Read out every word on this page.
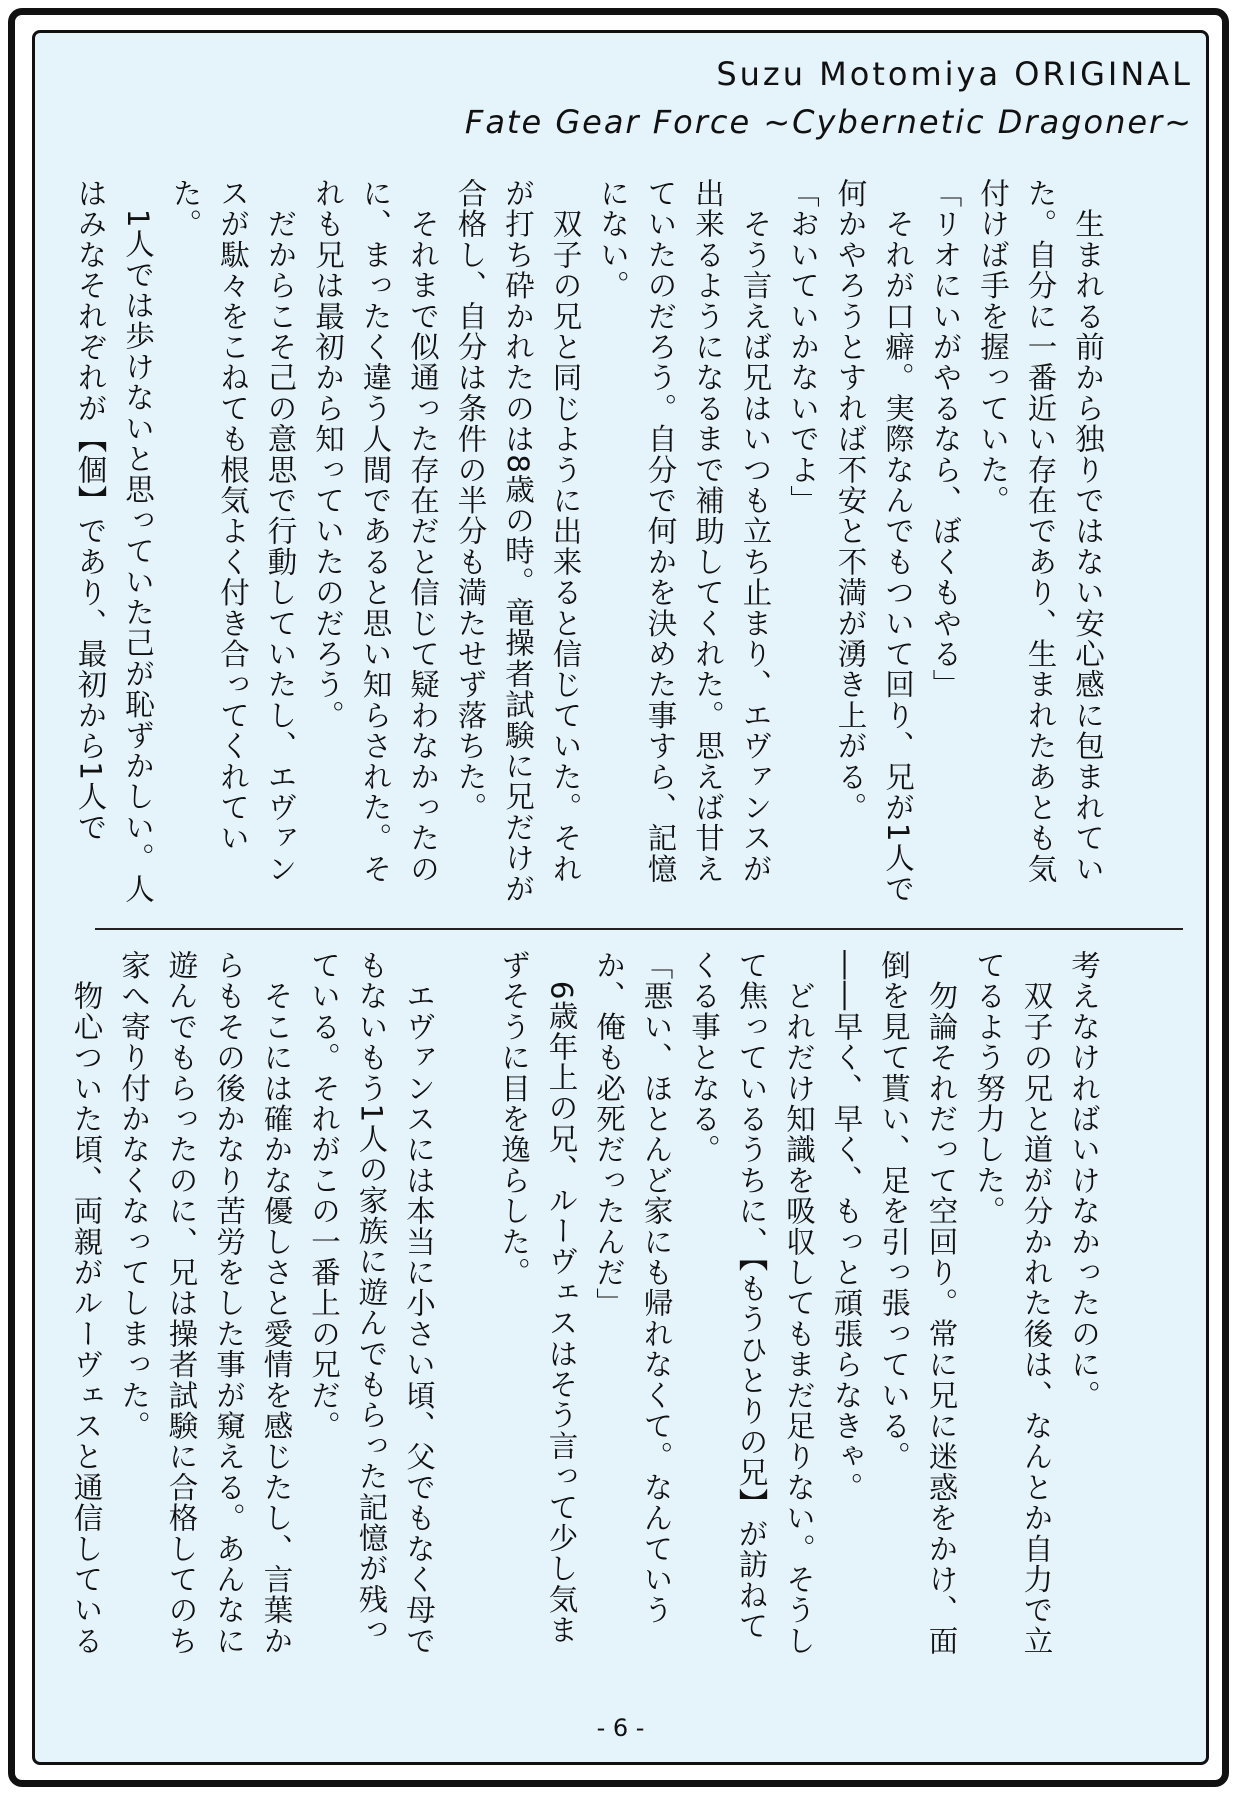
Suzu Motomiya ORIGINAL
Fate Gear Force ~Cybernetic Dragoner~

　生まれる前から独りではない安心感に包まれていた。自分に一番近い存在であり、生まれたあとも気付けば手を握っていた。

「リオにいがやるなら、ぼくもやる」

　それが口癖。実際なんでもついて回り、兄が1人で何かやろうとすれば不安と不満が湧き上がる。

「おいていかないでよ」

　そう言えば兄はいつも立ち止まり、エヴァンスが出来るようになるまで補助してくれた。思えば甘えていたのだろう。自分で何かを決めた事すら、記憶にない。

　双子の兄と同じように出来ると信じていた。それが打ち砕かれたのは8歳の時。竜操者試験に兄だけが合格し、自分は条件の半分も満たせず落ちた。

　それまで似通った存在だと信じて疑わなかったのに、まったく違う人間であると思い知らされた。それも兄は最初から知っていたのだろう。

　だからこそ己の意思で行動していたし、エヴァンスが駄々をこねても根気よく付き合ってくれていた。

　1人では歩けないと思っていた己が恥ずかしい。人はみなそれぞれが【個】であり、最初から1人で

考えなければいけなかったのに。

　双子の兄と道が分かれた後は、なんとか自力で立てるよう努力した。

　勿論それだって空回り。常に兄に迷惑をかけ、面倒を見て貰い、足を引っ張っている。

――早く、早く、もっと頑張らなきゃ。

　どれだけ知識を吸収してもまだ足りない。そうして焦っているうちに、【もうひとりの兄】が訪ねてくる事となる。

「悪い、ほとんど家にも帰れなくて。なんていうか、俺も必死だったんだ」

　6歳年上の兄、ルーヴェスはそう言って少し気まずそうに目を逸らした。

　エヴァンスには本当に小さい頃、父でもなく母でもないもう1人の家族に遊んでもらった記憶が残っている。それがこの一番上の兄だ。

　そこには確かな優しさと愛情を感じたし、言葉からもその後かなり苦労をした事が窺える。あんなに遊んでもらったのに、兄は操者試験に合格してのち家へ寄り付かなくなってしまった。

　物心ついた頃、両親がルーヴェスと通信している

- 6 -
